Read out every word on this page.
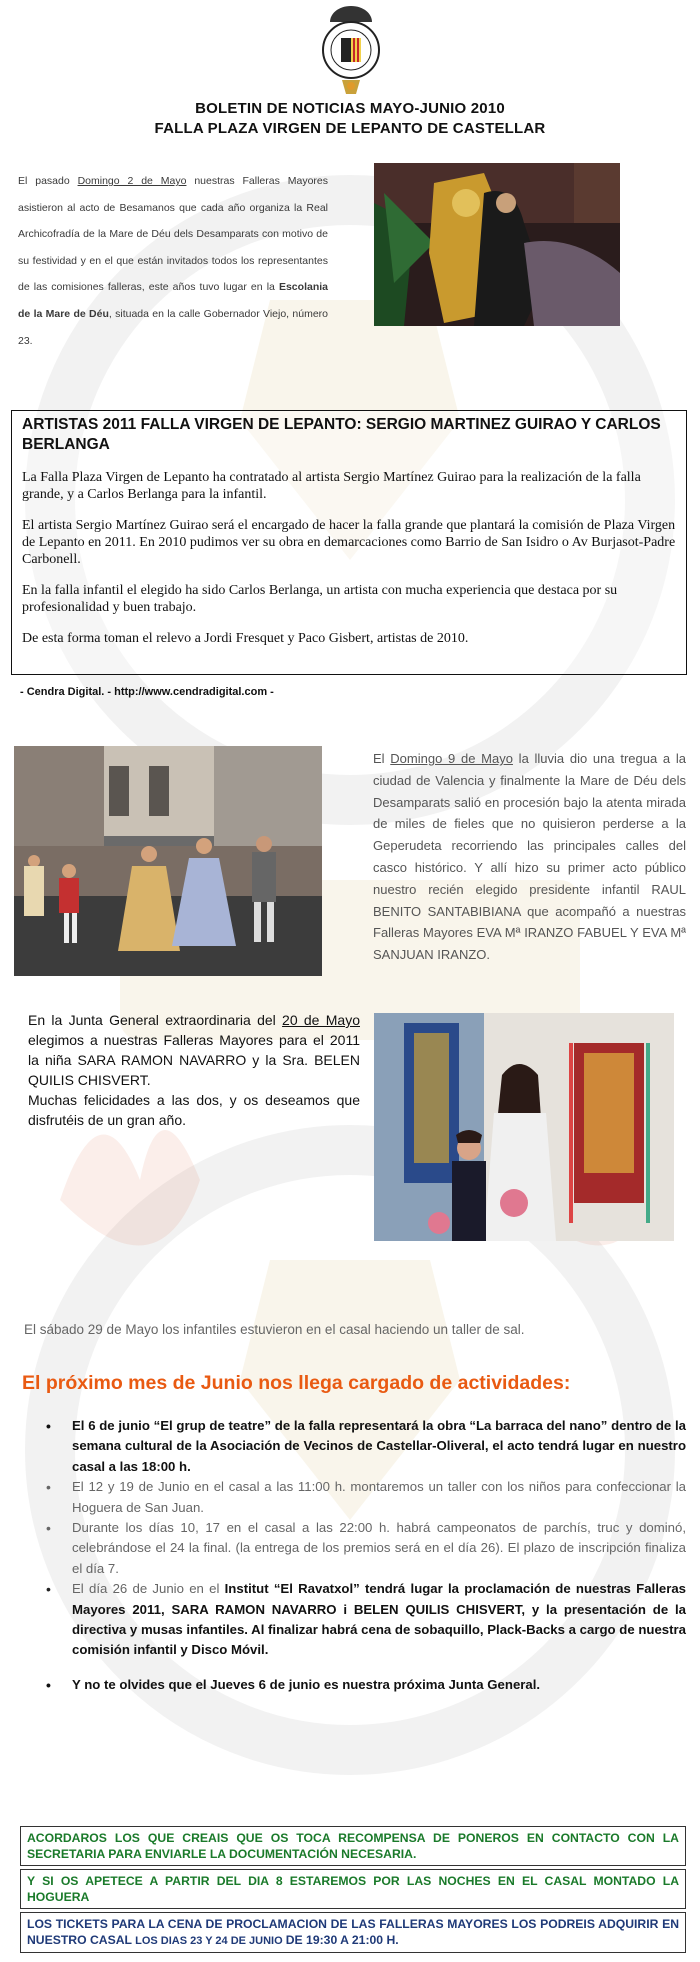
BOLETIN DE NOTICIAS MAYO-JUNIO 2010
FALLA PLAZA VIRGEN DE LEPANTO DE CASTELLAR
El pasado Domingo 2 de Mayo nuestras Falleras Mayores asistieron al acto de Besamanos que cada año organiza la Real Archicofradía de la Mare de Déu dels Desamparats con motivo de su festividad y en el que están invitados todos los representantes de las comisiones falleras, este años tuvo lugar en la Escolania de la Mare de Déu, situada en la calle Gobernador Viejo, número 23.
ARTISTAS 2011 FALLA VIRGEN DE LEPANTO: SERGIO MARTINEZ GUIRAO Y CARLOS BERLANGA

La Falla Plaza Virgen de Lepanto ha contratado al artista Sergio Martínez Guirao para la realización de la falla grande, y a Carlos Berlanga para la infantil.

El artista Sergio Martínez Guirao será el encargado de hacer la falla grande que plantará la comisión de Plaza Virgen de Lepanto en 2011. En 2010 pudimos ver su obra en demarcaciones como Barrio de San Isidro o Av Burjasot-Padre Carbonell.

En la falla infantil el elegido ha sido Carlos Berlanga, un artista con mucha experiencia que destaca por su profesionalidad y buen trabajo.

De esta forma toman el relevo a Jordi Fresquet y Paco Gisbert, artistas de 2010.

- Cendra Digital. - http://www.cendradigital.com -
El Domingo 9 de Mayo la lluvia dio una tregua a la ciudad de Valencia y finalmente la Mare de Déu dels Desamparats salió en procesión bajo la atenta mirada de miles de fieles que no quisieron perderse a la Geperudeta recorriendo las principales calles del casco histórico. Y allí hizo su primer acto público nuestro recién elegido presidente infantil RAUL BENITO SANTABIBIANA que acompañó a nuestras Falleras Mayores EVA Mª IRANZO FABUEL Y EVA Mª SANJUAN IRANZO.
En la Junta General extraordinaria del 20 de Mayo elegimos a nuestras Falleras Mayores para el 2011 la niña SARA RAMON NAVARRO y la Sra. BELEN QUILIS CHISVERT.
Muchas felicidades a las dos, y os deseamos que disfrutéis de un gran año.
El sábado 29 de Mayo los infantiles estuvieron en el casal haciendo un taller de sal.
El próximo mes de Junio nos llega cargado de actividades:
• El 6 de junio “El grup de teatre” de la falla representará la obra “La barraca del nano” dentro de la semana cultural de la Asociación de Vecinos de Castellar-Oliveral, el acto tendrá lugar en nuestro casal a las 18:00 h.
• El 12 y 19 de Junio en el casal a las 11:00 h. montaremos un taller con los niños para confeccionar la Hoguera de San Juan.
• Durante los días 10, 17 en el casal a las 22:00 h. habrá campeonatos de parchís, truc y dominó, celebrándose el 24 la final. (la entrega de los premios será en el día 26). El plazo de inscripción finaliza el día 7.
• El día 26 de Junio en el Institut “El Ravatxol” tendrá lugar la proclamación de nuestras Falleras Mayores 2011, SARA RAMON NAVARRO i BELEN QUILIS CHISVERT, y la presentación de la directiva y musas infantiles. Al finalizar habrá cena de sobaquillo, Plack-Backs a cargo de nuestra comisión infantil y Disco Móvil.
• Y no te olvides que el Jueves 6 de junio es nuestra próxima Junta General.
ACORDAROS LOS QUE CREAIS QUE OS TOCA RECOMPENSA DE PONEROS EN CONTACTO CON LA SECRETARIA PARA ENVIARLE LA DOCUMENTACIÓN NECESARIA.
Y SI OS APETECE A PARTIR DEL DIA 8 ESTAREMOS POR LAS NOCHES EN EL CASAL MONTADO LA HOGUERA
LOS TICKETS PARA LA CENA DE PROCLAMACION DE LAS FALLERAS MAYORES LOS PODREIS ADQUIRIR EN NUESTRO CASAL LOS DIAS 23 Y 24 DE JUNIO DE 19:30 A 21:00 H.
